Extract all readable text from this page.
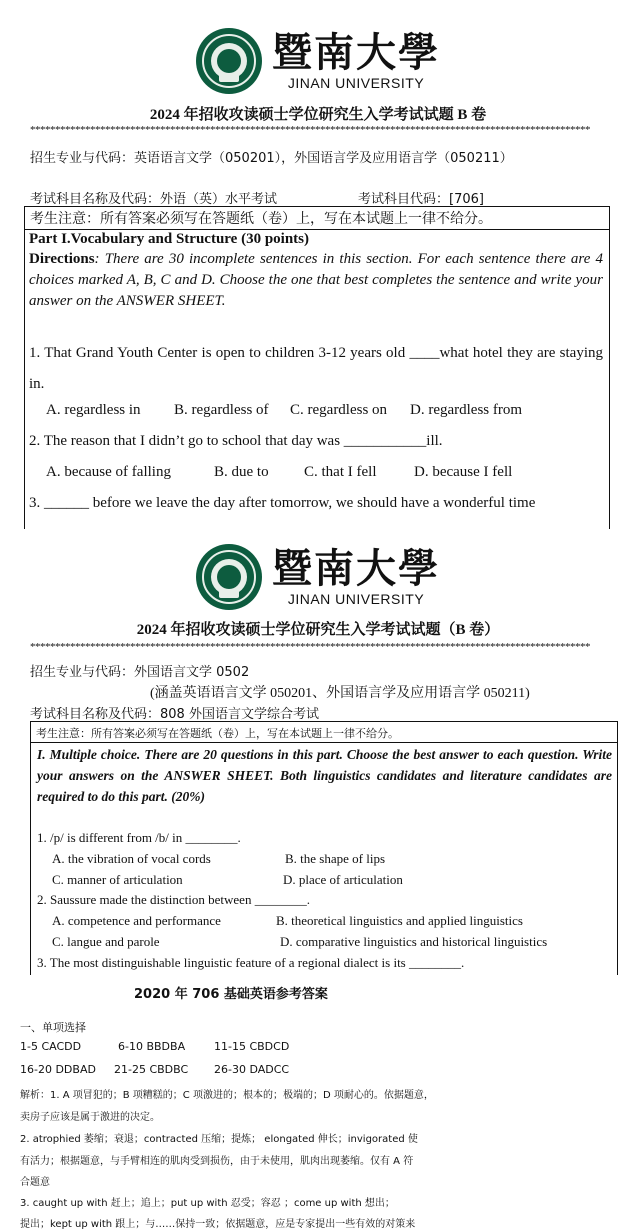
暨南大學
JINAN UNIVERSITY
2024 年招收攻读硕士学位研究生入学考试试题 B 卷
****************************************************************************************************************
招生专业与代码：英语语言文学（050201），外国语言学及应用语言学（050211）
考试科目名称及代码：外语（英）水平考试	考试科目代码：[706]
考生注意：所有答案必须写在答题纸（卷）上，写在本试题上一律不给分。
Part I.Vocabulary and Structure (30 points)
Directions: There are 30 incomplete sentences in this section. For each sentence there are 4 choices marked A, B, C and D. Choose the one that best completes the sentence and write your answer on the ANSWER SHEET.
1. That Grand Youth Center is open to children 3-12 years old ____what hotel they are staying in.
A. regardless in B. regardless of C. regardless on D. regardless from
2. The reason that I didn’t go to school that day was ___________ill.
A. because of falling	B. due to C. that I fell	D. because I fell
3. ______ before we leave the day after tomorrow, we should have a wonderful time
暨南大學
JINAN UNIVERSITY
2024 年招收攻读硕士学位研究生入学考试试题（B 卷）
****************************************************************************************************************
招生专业与代码：外国语言文学 0502
(涵盖英语语言文学 050201、外国语言学及应用语言学 050211)
考试科目名称及代码：808 外国语言文学综合考试
考生注意：所有答案必须写在答题纸（卷）上，写在本试题上一律不给分。
I. Multiple choice. There are 20 questions in this part. Choose the best answer to each question. Write your answers on the ANSWER SHEET. Both linguistics candidates and literature candidates are required to do this part. (20%)
1. /p/ is different from /b/ in ________.
A. the vibration of vocal cords	B. the shape of lips
C. manner of articulation	D. place of articulation
2. Saussure made the distinction between ________.
A. competence and performance	B. theoretical linguistics and applied linguistics
C. langue and parole	D. comparative linguistics and historical linguistics
3. The most distinguishable linguistic feature of a regional dialect is its ________.
2020 年 706 基础英语参考答案
一、单项选择
1-5 CACDD	6-10 BBDBA	11-15 CBDCD
16-20 DDBAD 21-25 CBDBC 26-30 DADCC
解析：1. A 项冒犯的；B 项糟糕的；C 项激进的；根本的；极端的；D 项耐心的。依据题意，
卖房子应该是属于激进的决定。
2. atrophied 萎缩；衰退；contracted 压缩；提炼； elongated 伸长；invigorated 使
有活力；根据题意，与手臂相连的肌肉受到损伤，由于未使用，肌肉出现萎缩。仅有 A 符
合题意
3. caught up with 赶上；追上；put up with 忍受；容忍 ；come up with 想出；
提出；kept up with 跟上；与……保持一致；依据题意，应是专家提出一些有效的对策来
